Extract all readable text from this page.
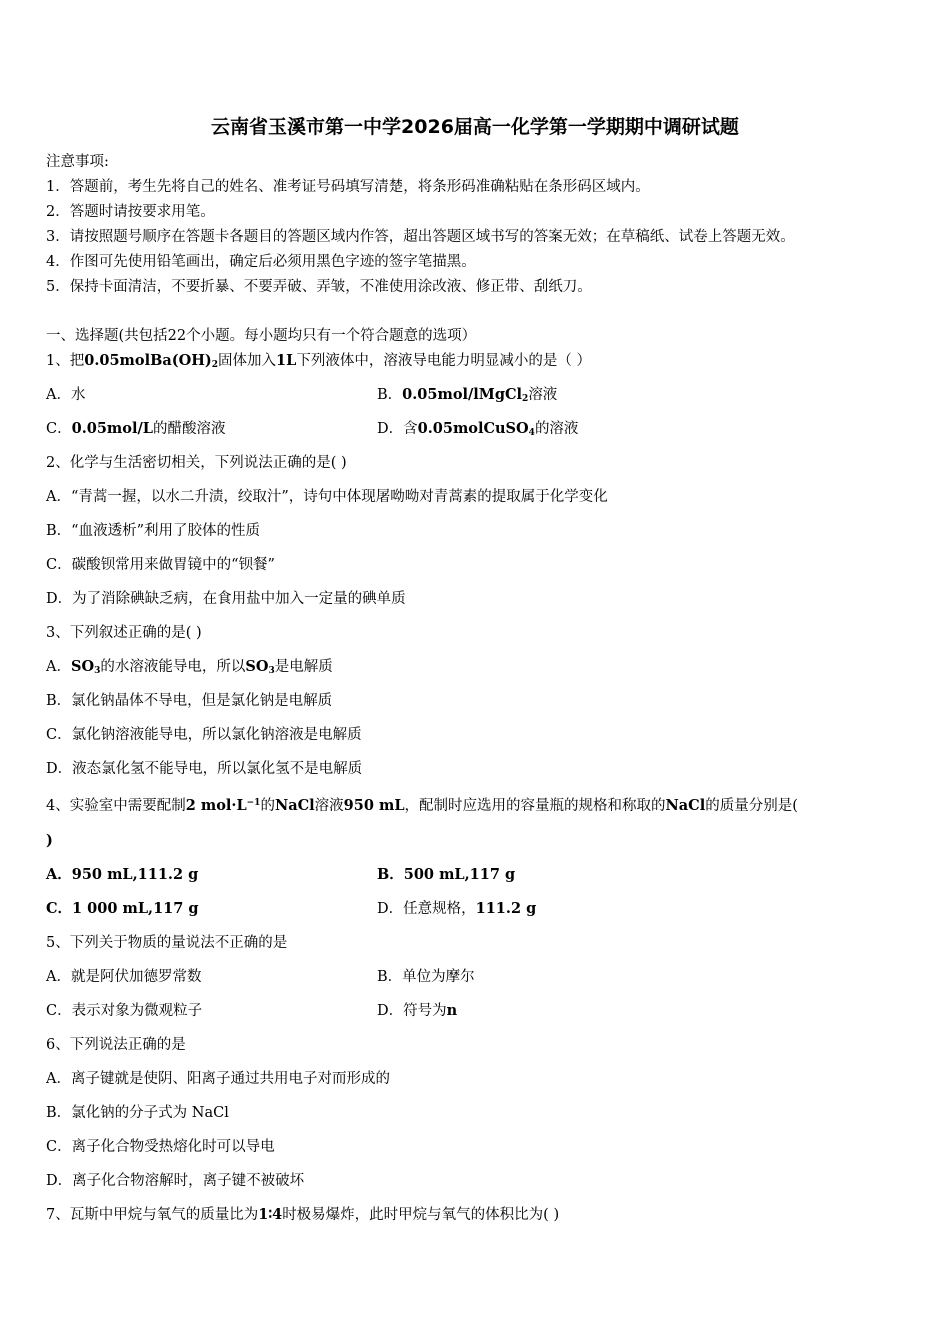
云南省玉溪市第一中学2026届高一化学第一学期期中调研试题
注意事项:
1．答题前，考生先将自己的姓名、准考证号码填写清楚，将条形码准确粘贴在条形码区域内。
2．答题时请按要求用笔。
3．请按照题号顺序在答题卡各题目的答题区域内作答，超出答题区域书写的答案无效；在草稿纸、试卷上答题无效。
4．作图可先使用铅笔画出，确定后必须用黑色字迹的签字笔描黑。
5．保持卡面清洁，不要折暴、不要弄破、弄皱，不准使用涂改液、修正带、刮纸刀。
一、选择题(共包括22个小题。每小题均只有一个符合题意的选项）
1、把$0.05molBa(OH)_2$固体加入1L下列液体中，溶液导电能力明显减小的是（ ）
A．水	B．0.05mol/lMgCl$_2$溶液
C．0.05mol/L的醋酸溶液	D．含0.05molCuSO$_4$的溶液
2、化学与生活密切相关，下列说法正确的是( )
A．“青蒿一握，以水二升渍，绞取汁”，诗句中体现屠呦呦对青蒿素的提取属于化学变化
B．“血液透析”利用了胶体的性质
C．碳酸钡常用来做胃镜中的“钡餐”
D．为了消除碘缺乏病，在食用盐中加入一定量的碘单质
3、下列叙述正确的是( )
A．$SO_3$的水溶液能导电，所以$SO_3$是电解质
B．氯化钠晶体不导电，但是氯化钠是电解质
C．氯化钠溶液能导电，所以氯化钠溶液是电解质
D．液态氯化氢不能导电，所以氯化氢不是电解质
4、实验室中需要配制2 $mol\cdot L^{-1}$的NaCl溶液950 mL，配制时应选用的容量瓶的规格和称取的NaCl的质量分别是(
)
A．950 mL,111.2 g	B．500 mL,117 g
C．1 000 mL,117 g	D．任意规格，111.2 g
5、下列关于物质的量说法不正确的是
A．就是阿伏加德罗常数	B．单位为摩尔
C．表示对象为微观粒子	D．符号为n
6、下列说法正确的是
A．离子键就是使阴、阳离子通过共用电子对而形成的
B．氯化钠的分子式为 NaCl
C．离子化合物受热熔化时可以导电
D．离子化合物溶解时，离子键不被破坏
7、瓦斯中甲烷与氧气的质量比为1∶4时极易爆炸，此时甲烷与氧气的体积比为( )
